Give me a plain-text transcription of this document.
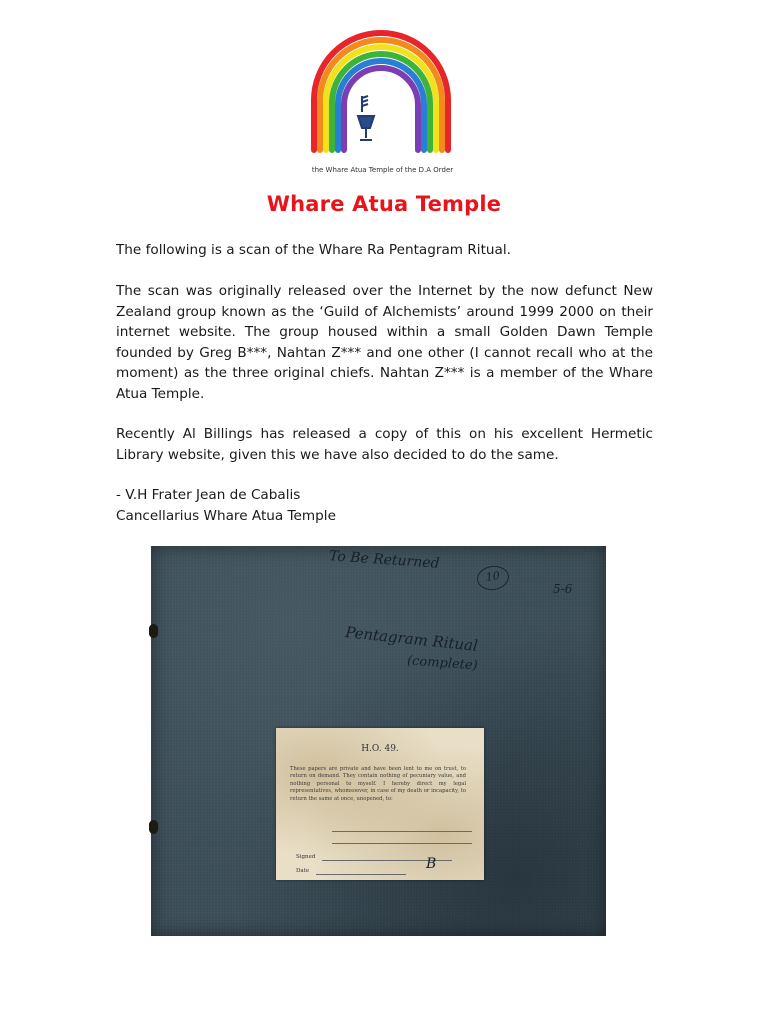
the Whare Atua Temple of the D.A Order
Whare Atua Temple

The following is a scan of the Whare Ra Pentagram Ritual.

The scan was originally released over the Internet by the now defunct New Zealand group known as the ‘Guild of Alchemists’ around 1999 2000 on their internet website. The group housed within a small Golden Dawn Temple founded by Greg B***, Nahtan Z*** and one other (I cannot recall who at the moment) as the three original chiefs. Nahtan Z*** is a member of the Whare Atua Temple.

Recently Al Billings has released a copy of this on his excellent Hermetic Library website, given this we have also decided to do the same.

- V.H Frater Jean de Cabalis
Cancellarius Whare Atua Temple
To Be Returned
10
5-6
Pentagram Ritual
(complete)
H.O. 49.

These papers are private and have been lent to me on trust, to return on demand. They contain nothing of pecuniary value, and nothing personal to myself. I hereby direct my legal representatives, whomsoever, in case of my death or incapacity, to return the same at once, unopened, to:

Signed
Date	B
